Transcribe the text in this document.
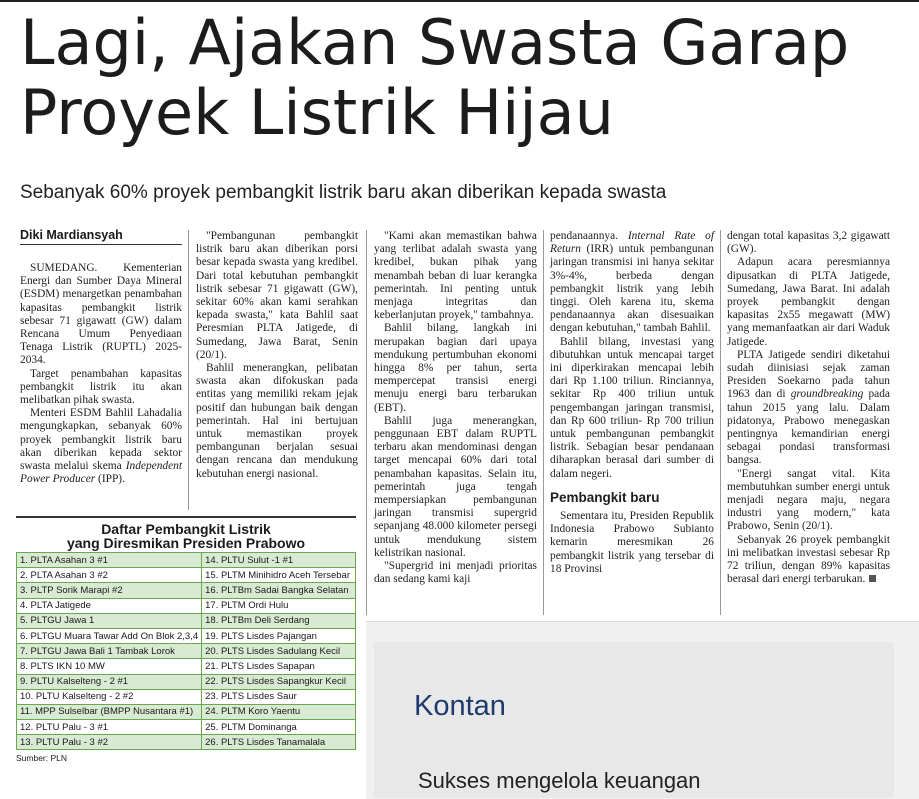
Lagi, Ajakan Swasta Garap
Proyek Listrik Hijau
Sebanyak 60% proyek pembangkit listrik baru akan diberikan kepada swasta
Diki Mardiansyah

SUMEDANG. Kementerian Energi dan Sumber Daya Mineral (ESDM) menargetkan penambahan kapasitas pembangkit listrik sebesar 71 gigawatt (GW) dalam Rencana Umum Penyediaan Tenaga Listrik (RUPTL) 2025-2034.

Target penambahan kapasitas pembangkit listrik itu akan melibatkan pihak swasta.

Menteri ESDM Bahlil Lahadalia mengungkapkan, sebanyak 60% proyek pembangkit listrik baru akan diberikan kepada sektor swasta melalui skema Independent Power Producer (IPP).

"Pembangunan pembangkit listrik baru akan diberikan porsi besar kepada swasta yang kredibel. Dari total kebutuhan pembangkit listrik sebesar 71 gigawatt (GW), sekitar 60% akan kami serahkan kepada swasta," kata Bahlil saat Peresmian PLTA Jatigede, di Sumedang, Jawa Barat, Senin (20/1).

Bahlil menerangkan, pelibatan swasta akan difokuskan pada entitas yang memiliki rekam jejak positif dan hubungan baik dengan pemerintah. Hal ini bertujuan untuk memastikan proyek pembangunan berjalan sesuai dengan rencana dan mendukung kebutuhan energi nasional.

"Kami akan memastikan bahwa yang terlibat adalah swasta yang kredibel, bukan pihak yang menambah beban di luar kerangka pemerintah. Ini penting untuk menjaga integritas dan keberlanjutan proyek," tambahnya.

Bahlil bilang, langkah ini merupakan bagian dari upaya mendukung pertumbuhan ekonomi hingga 8% per tahun, serta mempercepat transisi energi menuju energi baru terbarukan (EBT).

Bahlil juga menerangkan, penggunaan EBT dalam RUPTL terbaru akan mendominasi dengan target mencapai 60% dari total penambahan kapasitas. Selain itu, pemerintah juga tengah mempersiapkan pembangunan jaringan transmisi supergrid sepanjang 48.000 kilometer persegi untuk mendukung sistem kelistrikan nasional.

"Supergrid ini menjadi prioritas dan sedang kami kaji

pendanaannya. Internal Rate of Return (IRR) untuk pembangunan jaringan transmisi ini hanya sekitar 3%-4%, berbeda dengan pembangkit listrik yang lebih tinggi. Oleh karena itu, skema pendanaannya akan disesuaikan dengan kebutuhan," tambah Bahlil.

Bahlil bilang, investasi yang dibutuhkan untuk mencapai target ini diperkirakan mencapai lebih dari Rp 1.100 triliun. Rinciannya, sekitar Rp 400 triliun untuk pengembangan jaringan transmisi, dan Rp 600 triliun- Rp 700 triliun untuk pembangunan pembangkit listrik. Sebagian besar pendanaan diharapkan berasal dari sumber di dalam negeri.

Pembangkit baru

Sementara itu, Presiden Republik Indonesia Prabowo Subianto kemarin meresmikan 26 pembangkit listrik yang tersebar di 18 Provinsi

dengan total kapasitas 3,2 gigawatt (GW).

Adapun acara peresmiannya dipusatkan di PLTA Jatigede, Sumedang, Jawa Barat. Ini adalah proyek pembangkit dengan kapasitas 2x55 megawatt (MW) yang memanfaatkan air dari Waduk Jatigede.

PLTA Jatigede sendiri diketahui sudah diinisiasi sejak zaman Presiden Soekarno pada tahun 1963 dan di groundbreaking pada tahun 2015 yang lalu. Dalam pidatonya, Prabowo menegaskan pentingnya kemandirian energi sebagai pondasi transformasi bangsa.

"Energi sangat vital. Kita membutuhkan sumber energi untuk menjadi negara maju, negara industri yang modern," kata Prabowo, Senin (20/1).

Sebanyak 26 proyek pembangkit ini melibatkan investasi sebesar Rp 72 triliun, dengan 89% kapasitas berasal dari energi terbarukan.

Daftar Pembangkit Listrik
yang Diresmikan Presiden Prabowo
1. PLTA Asahan 3 #1	14. PLTU Sulut -1 #1
2. PLTA Asahan 3 #2	15. PLTM Minihidro Aceh Tersebar
3. PLTP Sorik Marapi #2	16. PLTBm Sadai Bangka Selatan
4. PLTA Jatigede	17. PLTM Ordi Hulu
5. PLTGU Jawa 1	18. PLTBm Deli Serdang
6. PLTGU Muara Tawar Add On Blok 2,3,4	19. PLTS Lisdes Pajangan
7. PLTGU Jawa Bali 1 Tambak Lorok	20. PLTS Lisdes Sadulang Kecil
8. PLTS IKN 10 MW	21. PLTS Lisdes Sapapan
9. PLTU Kalselteng - 2 #1	22. PLTS Lisdes Sapangkur Kecil
10. PLTU Kalselteng - 2 #2	23. PLTS Lisdes Saur
11. MPP Sulselbar (BMPP Nusantara #1)	24. PLTM Koro Yaentu
12. PLTU Palu - 3 #1	25. PLTM Dominanga
13. PLTU Palu - 3 #2	26. PLTS Lisdes Tanamalala
Sumber: PLN
Kontan
Sukses mengelola keuangan
